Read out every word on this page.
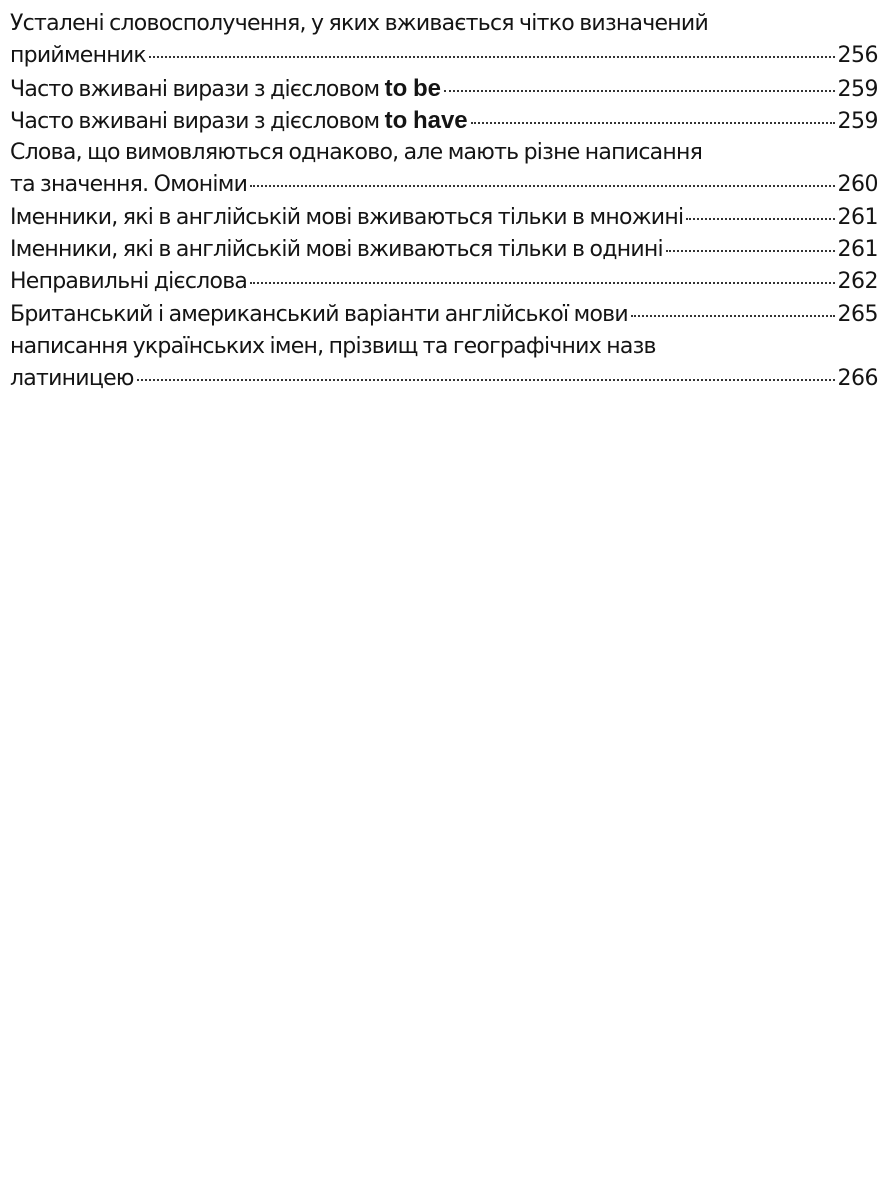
Усталені словосполучення, у яких вживається чітко визначений
прийменник	256
Часто вживані вирази з дієсловом to be	259
Часто вживані вирази з дієсловом to have	259
Слова, що вимовляються однаково, але мають різне написання
та значення. Омоніми	260
Іменники, які в англійській мові вживаються тільки в множині	261
Іменники, які в англійській мові вживаються тільки в однині	261
Неправильні дієслова	262
Британський і американський варіанти англійської мови	265
написання українських імен, прізвищ та географічних назв
латиницею	266
